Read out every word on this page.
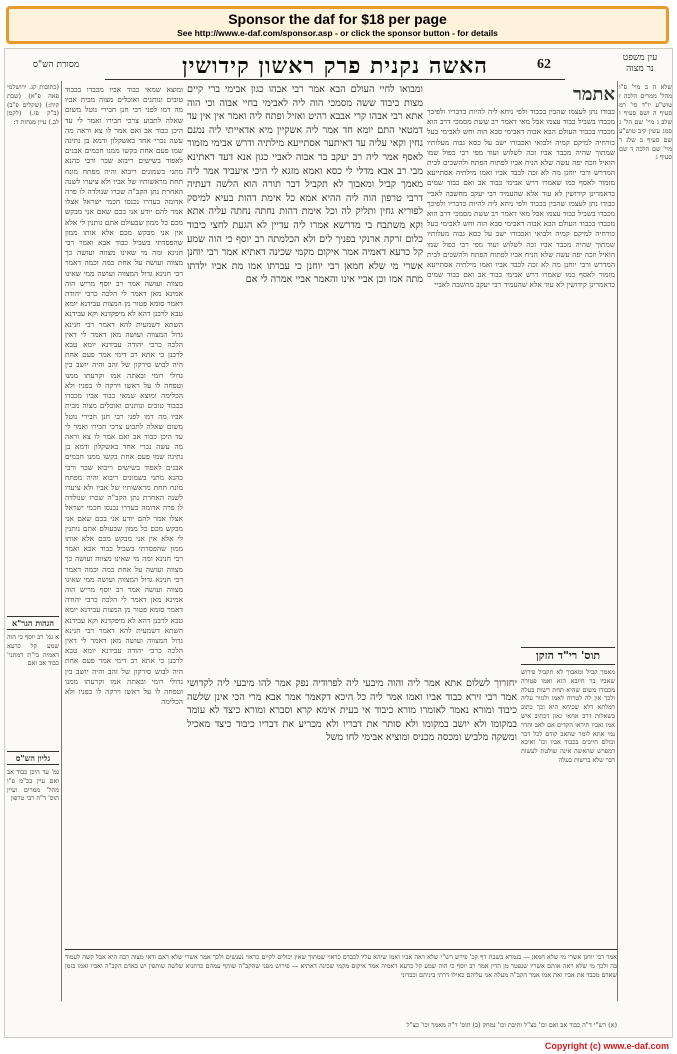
Sponsor the daf for $18 per page
See http://www.e-daf.com/sponsor.asp - or click the sponsor button - for details
מסורת הש"ס	האשה נקנית פרק ראשון קידושין	62	עין משפט
נר מצוה
(כתובות קג. ירושלמי פאה פ"א) (שבת קיח:) (שקלים פ"ב) (ב"ק פז.) (לקמן לב.) עיין מנחות ד:
שלא ה ב מיי' פ"ו מהל' ממרים הלכה ז טוש"ע יו"ד סי' רמ סעיף ה ושם סעיף ו שלב ג מיי' שם הל' ג סמג עשין קיב טוש"ע שם סעיף ב שלג ד מיי' שם הלכה ד שם סעיף ג
הגהות הגר"א
א גמ' רב יוסף כי הוה שמע קל כרעא דאמיה בי"ת דמתני' כבוד אב ואם
גליון הש"ס
גמ' עד היכן כבוד אב ואם עיין בכ"מ פ"ו מהל' ממרים ועיין תוס' ד"ה רבי טרפון
ומוצא שמאי כבוד אביו מכבדו בכבוד טובים ונותנים ואוכלים מצוה מבית אביו מה דמו לפני רבי חנן חבירי נוטל משום שאלה לתבוע צרכי חבירו ואמר לי עד היכן כבוד אב ואם אמר לו צא וראה מה עשה נכרי אחד באשקלון ודמא בן נתינה שמו פעם אחת בקשו ממנו חכמים אבנים לאפוד בשישים ריבוא שכר ורבי כהנא מתני בשמונים ריבוא והיה מפתח מונח תחת מראשותיו של אביו ולא ציערו לשנה האחרת נתן הקב"ה שכרו שנולדה לו פרה אדומה בעדרו נכנסו חכמי ישראל אצלו אמר להם יודע אני בכם שאם אני מבקש מכם כל ממון שבעולם אתם נותנין לי אלא אין אני מבקש מכם אלא אותו ממון שהפסדתי בשביל כבוד אבא ואמר רבי חנינא ומה מי שאינו מצווה ועושה כך מצווה ועושה על אחת כמה וכמה דאמר רבי חנינא גדול המצווה ועושה ממי שאינו מצווה ועושה אמר רב יוסף מריש הוה אמינא מאן דאמר לי הלכה כרבי יהודה דאמר סומא פטור מן המצות עבידנא יומא טבא לרבנן דהא לא מיפקדנא וקא עבידנא השתא דשמעית להא דאמר רבי חנינא גדול המצווה ועושה מאן דאמר לי דאין הלכה כרבי יהודה עבידנא יומא טבא לרבנן כי אתא רב דימי אמר פעם אחת היה לבוש סירקון של זהב והיה יושב בין גדולי רומי ובאתה אמו וקרעתו ממנו וטפחה לו על ראשו וירקה לו בפניו ולא הכלימה ומוצא שמאי כבוד אביו מכבדו בכבוד טובים ונותנים ואוכלים מצוה מבית אביו מה דמו לפני רבי חנן חבירי נוטל משום שאלה לתבוע צרכי חבירו ואמר לי עד היכן כבוד אב ואם אמר לו צא וראה מה עשה נכרי אחד באשקלון ודמא בן נתינה שמו פעם אחת בקשו ממנו חכמים אבנים לאפוד בשישים ריבוא שכר ורבי כהנא מתני בשמונים ריבוא והיה מפתח מונח תחת מראשותיו של אביו ולא ציערו לשנה האחרת נתן הקב"ה שכרו שנולדה לו פרה אדומה בעדרו נכנסו חכמי ישראל אצלו אמר להם יודע אני בכם שאם אני מבקש מכם כל ממון שבעולם אתם נותנין לי אלא אין אני מבקש מכם אלא אותו ממון שהפסדתי בשביל כבוד אבא ואמר רבי חנינא ומה מי שאינו מצווה ועושה כך מצווה ועושה על אחת כמה וכמה דאמר רבי חנינא גדול המצווה ועושה ממי שאינו מצווה ועושה אמר רב יוסף מריש הוה אמינא מאן דאמר לי הלכה כרבי יהודה דאמר סומא פטור מן המצות עבידנא יומא טבא לרבנן דהא לא מיפקדנא וקא עבידנא השתא דשמעית להא דאמר רבי חנינא גדול המצווה ועושה מאן דאמר לי דאין הלכה כרבי יהודה עבידנא יומא טבא לרבנן כי אתא רב דימי אמר פעם אחת היה לבוש סירקון של זהב והיה יושב בין גדולי רומי ובאתה אמו וקרעתו ממנו וטפחה לו על ראשו וירקה לו בפניו ולא הכלימה
ומבואו לחיי העולם הבא אמר רבי אבהו כגון אבימי ברי קיים מצות כיבוד ששה מסמכי הוה ליה לאבימי בחיי אבוה וכי הוה אתא רבי אבהו קרי אבבא רהיט ואזיל ופתח ליה ואמר אין אין עד דמטאי התם יומא חד אמר ליה אשקיין מיא אדאייתי ליה נמנם גחין וקאי עליה עד דאיתער אסתייעא מילתיה ודרש אבימי מזמור לאסף אמר ליה רב יעקב בר אבוה לאביי כגון אנא דעד דאתינא מבי רב אבא מדלי לי כסא ואמא מזגא לי היכי איעביד אמר ליה מאמך קביל ומאבוך לא תקביל דבר תורה הוא הלשה דעתיה דרבי טרפון הוה ליה ההיא אמא כל אימת דהות בעיא למיסק לפוריא גחין ותליק לה וכל אימת דהות נחתה נחתה עליה אתא וקא משתבח בי מדרשא אמרו ליה עדיין לא הגעת לחצי כיבוד כלום זרקה ארנקי בפניך לים ולא הכלמתה רב יוסף כי הוה שמע קל כרעא דאמיה אמר איקום מקמי שכינה דאתיא אמר רבי יוחנן אשרי מי שלא חמאן רבי יוחנן כי עברתו אמו מת אביו ילדתו מתה אמו וכן אביי אינו והאמר אביי אמרה לי אם
אתמר
כבודו נתן לעצמו שהבין בכבוד ולפי ניחא ליה להיות כדבריו ולפיכך מכבדו בשביל כבוד עצמו אבל מאי דאמר רב ששת מסמכי דרב הוא מכבדו בכבוד העולם הבא אבוה דאבימי סבא הוה וחש לאבימי בעל כורחיה למיקם קמיה ולבואי ואכבודו ישב על כסא גבוה מעלותיו שמתוך שהיה מכבד אביו זכה לשלוש ועוד מפי רבי כפול שמו הואיל וזכה יפה עשה שלא הניח אביו לפתוח הפתח ולהשכים לבית המדרש ורבי יוחנן מה לא זכה לכבד אביו ואמו מילתיה אסתייעא מזמור לאסף כמו שאמרו דרש אבימי כבוד אב ואם כבוד שמים כדאמרינן קידושין לא עוד אלא שהעמיד רבי יעקב מחשבה לאביי כבודו נתן לעצמו שהבין בכבוד ולפי ניחא ליה להיות כדבריו ולפיכך מכבדו בשביל כבוד עצמו אבל מאי דאמר רב ששת מסמכי דרב הוא מכבדו בכבוד העולם הבא אבוה דאבימי סבא הוה וחש לאבימי בעל כורחיה למיקם קמיה ולבואי ואכבודו ישב על כסא גבוה מעלותיו שמתוך שהיה מכבד אביו זכה לשלוש ועוד מפי רבי כפול שמו הואיל וזכה יפה עשה שלא הניח אביו לפתוח הפתח ולהשכים לבית המדרש ורבי יוחנן מה לא זכה לכבד אביו ואמו מילתיה אסתייעא מזמור לאסף כמו שאמרו דרש אבימי כבוד אב ואם כבוד שמים כדאמרינן קידושין לא עוד אלא שהעמיד רבי יעקב מחשבה לאביי
תוס' רי"ד הזקן
מאמך קביל ומאבוך לא תקביל פירוש שאביו בר חיובא הוא ואמו פטורה מכבודו משום שהיא תחת רשות בעלה ולכך אין לה לטרוח לאמו ולגזור עליה דמלתא דלא שכיחא היא וכך כתוב בשאלות דרב אחאי גאון דכתיב איש אמו ואביו תיראו הקדים אם לאב והדר נמי אתא לומר שהאב קודם לכל דבר וכולם חייבים בכבוד אביו וכו' ואיכא דמפרש שהאשה אינה שולטת לעשות דבר שלא ברשות בעלה
יחזרוך לשלום אתא אמר ליה והוה מיבעי ליה לפרודיה נפק אמר להו מיבעי ליה לקדושי אמר רבי זירא כבוד אביו ואמו אמר ליה כל היכא דקאמר אמר אבא מרי הכי אינן שלשה כיבוד ומורא נאמר לאומרו מורא כיבוד אי בעית אימא קרא וסברא ומורא כיצד לא עומד במקומו ולא יושב במקומו ולא סותר את דבריו ולא מכריע את דבריו כיבוד כיצד מאכיל ומשקה מלביש ומכסה מכניס ומוציא אבימי לחו משל
אמר רבי יוחנן אשרי מי שלא חמאן — בגמרא בשבת דף קכ' פירש רש"י שלא ראה אביו ואמו שיהא עליו לכבדם כראוי שמתוך שאין יכולים לקיים כראוי נענשים ולכך אמר אשרי שלא ראם ודאי מצוה רבה היא אבל קשה לעמוד בה ולכך מי שלא ראה אותם אשריו שנפטר מן הדין אמר רב יוסף כי הוה שמע קל כרעא דאמיה אמר איקום מקמי שכינה דאתיא — פירוש מפני שהקב"ה שותף עמהם כדתניא שלשה שותפין יש באדם הקב"ה ואביו ואמו בזמן שאדם מכבד את אביו ואת אמו אמר הקב"ה מעלה אני עליהם כאילו דרתי ביניהם וכבדוני
(א) רש"י ד"ה כבוד אב ואם וכו' כצ"ל ותיבת וכו' נמחק (ב) תוס' ד"ה מאמך וכו' כצ"ל
Copyright (c) www.e-daf.com
